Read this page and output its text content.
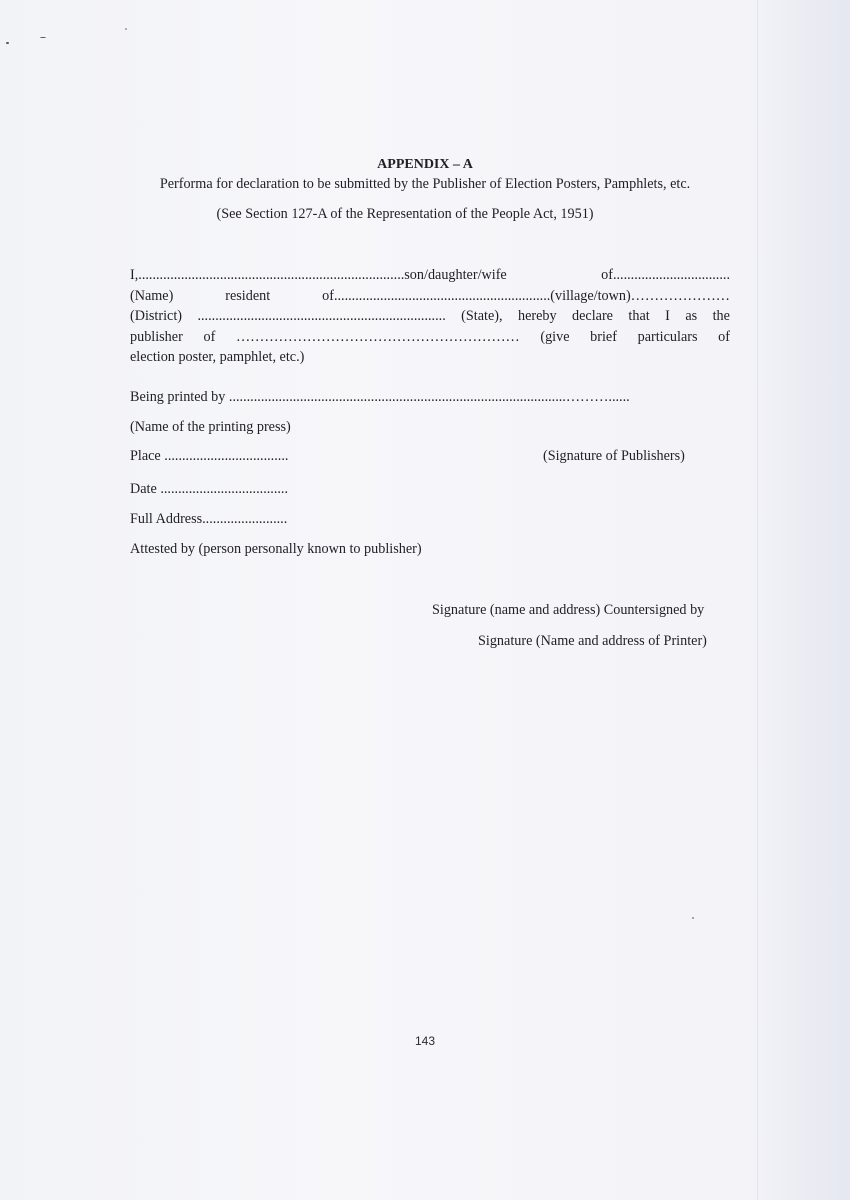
APPENDIX – A
Performa for declaration to be submitted by the Publisher of Election Posters, Pamphlets, etc.
(See Section 127-A of the Representation of the People Act, 1951)
I,...........................................................................son/daughter/wife	of.................................
(Name)	resident	of.............................................................(village/town)…………………
(District) ...................................................................... (State), hereby declare that I as the
publisher of …………………………………………………… (give brief particulars of
election poster, pamphlet, etc.)
Being printed by ...............................................................................................………......
(Name of the printing press)
Place ...................................	(Signature of Publishers)
Date ....................................
Full Address........................
Attested by (person personally known to publisher)
Signature (name and address) Countersigned by
Signature (Name and address of Printer)
143
